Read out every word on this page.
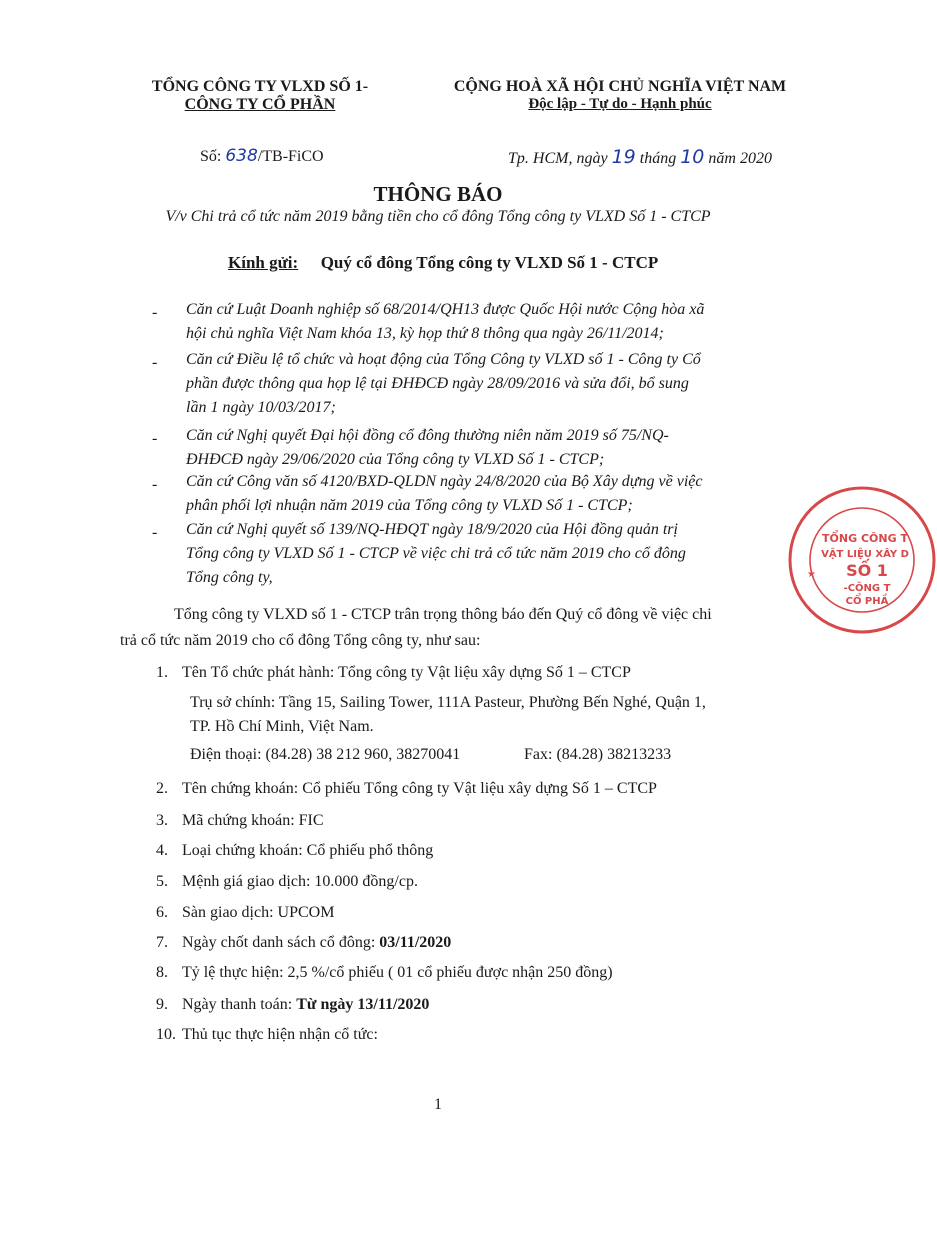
TỔNG CÔNG TY VLXD SỐ 1-
CÔNG TY CỔ PHẦN
CỘNG HOÀ XÃ HỘI CHỦ NGHĨA VIỆT NAM
Độc lập - Tự do - Hạnh phúc
Số: 638/TB-FiCO	Tp. HCM, ngày 19 tháng 10 năm 2020
THÔNG BÁO
V/v Chi trả cổ tức năm 2019 bằng tiền cho cổ đông Tổng công ty VLXD Số 1 - CTCP
Kính gửi: Quý cổ đông Tổng công ty VLXD Số 1 - CTCP
- Căn cứ Luật Doanh nghiệp số 68/2014/QH13 được Quốc Hội nước Cộng hòa xã
hội chủ nghĩa Việt Nam khóa 13, kỳ họp thứ 8 thông qua ngày 26/11/2014;
- Căn cứ Điều lệ tổ chức và hoạt động của Tổng Công ty VLXD số 1 - Công ty Cổ
phần được thông qua họp lệ tại ĐHĐCĐ ngày 28/09/2016 và sửa đổi, bổ sung
lần 1 ngày 10/03/2017;
- Căn cứ Nghị quyết Đại hội đồng cổ đông thường niên năm 2019 số 75/NQ-
ĐHĐCĐ ngày 29/06/2020 của Tổng công ty VLXD Số 1 - CTCP;
- Căn cứ Công văn số 4120/BXD-QLDN ngày 24/8/2020 của Bộ Xây dựng về việc
phân phối lợi nhuận năm 2019 của Tổng công ty VLXD Số 1 - CTCP;
- Căn cứ Nghị quyết số 139/NQ-HĐQT ngày 18/9/2020 của Hội đồng quản trị
Tổng công ty VLXD Số 1 - CTCP về việc chi trả cổ tức năm 2019 cho cổ đông
Tổng công ty,
Tổng công ty VLXD số 1 - CTCP trân trọng thông báo đến Quý cổ đông về việc chi
trả cổ tức năm 2019 cho cổ đông Tổng công ty, như sau:
1. Tên Tổ chức phát hành: Tổng công ty Vật liệu xây dựng Số 1 – CTCP
Trụ sở chính: Tầng 15, Sailing Tower, 111A Pasteur, Phường Bến Nghé, Quận 1,
TP. Hồ Chí Minh, Việt Nam.
Điện thoại: (84.28) 38 212 960, 38270041	Fax: (84.28) 38213233
2. Tên chứng khoán: Cổ phiếu Tổng công ty Vật liệu xây dựng Số 1 – CTCP
3. Mã chứng khoán: FIC
4. Loại chứng khoán: Cổ phiếu phổ thông
5. Mệnh giá giao dịch: 10.000 đồng/cp.
6. Sàn giao dịch: UPCOM
7. Ngày chốt danh sách cổ đông: 03/11/2020
8. Tỷ lệ thực hiện: 2,5 %/cổ phiếu ( 01 cổ phiếu được nhận 250 đồng)
9. Ngày thanh toán: Từ ngày 13/11/2020
10. Thủ tục thực hiện nhận cổ tức:
1
TỔNG CÔNG T
VẬT LIỆU XÂY D
SỐ 1
-CÔNG T
CỔ PHẦ
★
